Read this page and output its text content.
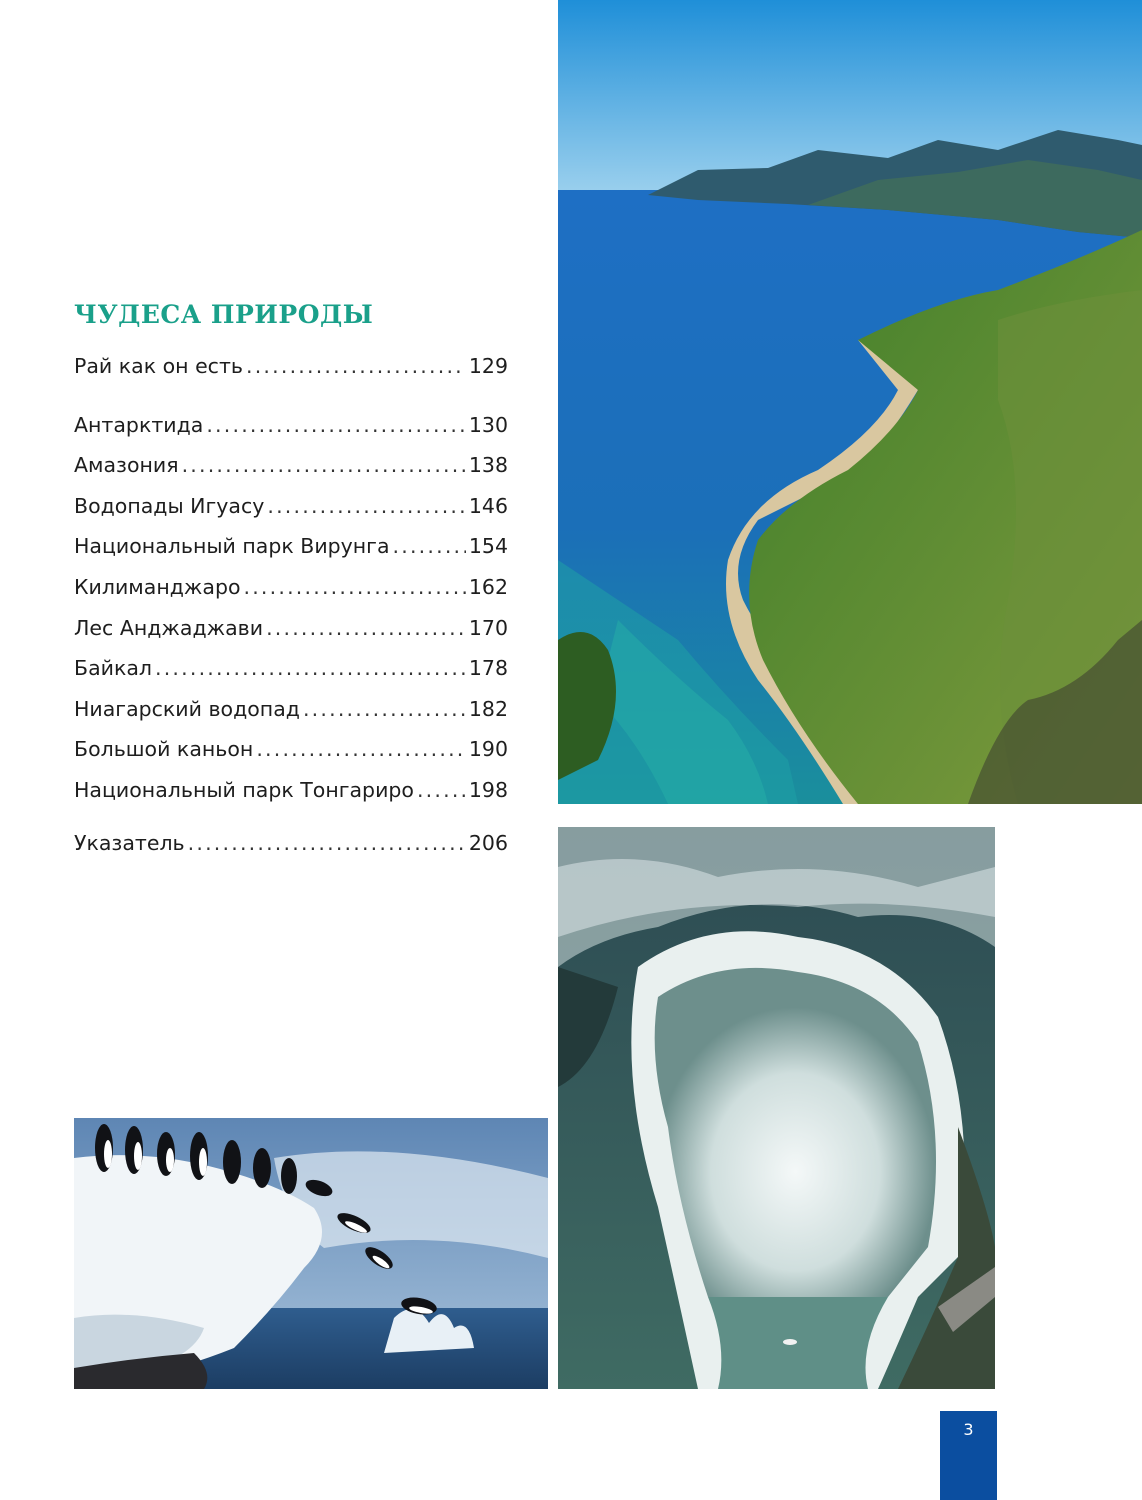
ЧУДЕСА ПРИРОДЫ
Рай как он есть .....	129
Антарктида .....	130
Амазония .....	138
Водопады Игуасу .....	146
Национальный парк Вирунга .....	154
Килиманджаро .....	162
Лес Анджаджави .....	170
Байкал .....	178
Ниагарский водопад .....	182
Большой каньон .....	190
Национальный парк Тонгариро .....	198
Указатель .....	206
3
